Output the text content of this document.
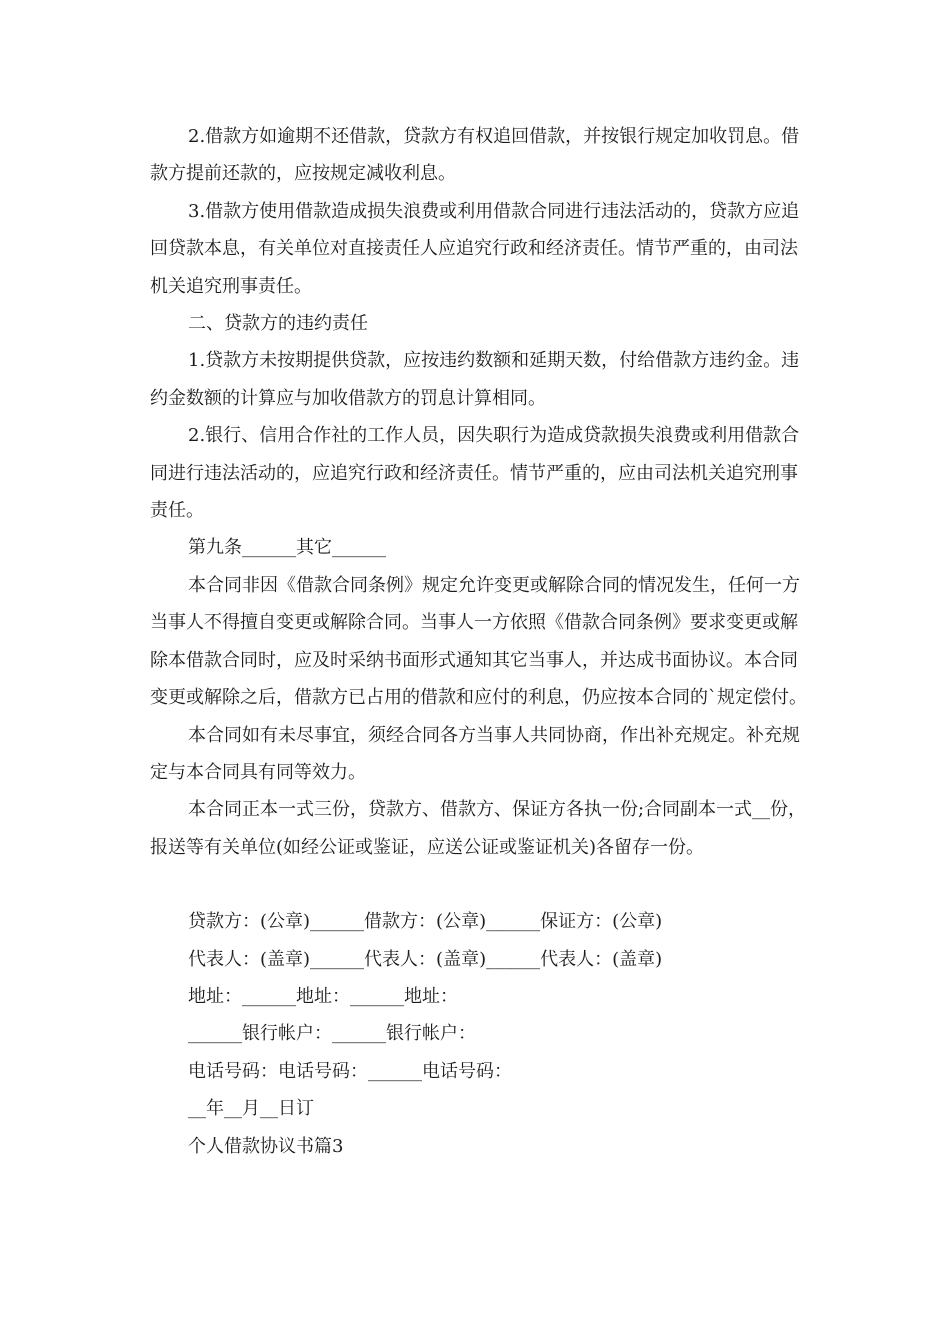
2.借款方如逾期不还借款，贷款方有权追回借款，并按银行规定加收罚息。借款方提前还款的，应按规定减收利息。

3.借款方使用借款造成损失浪费或利用借款合同进行违法活动的，贷款方应追回贷款本息，有关单位对直接责任人应追究行政和经济责任。情节严重的，由司法机关追究刑事责任。

二、贷款方的违约责任

1.贷款方未按期提供贷款，应按违约数额和延期天数，付给借款方违约金。违约金数额的计算应与加收借款方的罚息计算相同。

2.银行、信用合作社的工作人员，因失职行为造成贷款损失浪费或利用借款合同进行违法活动的，应追究行政和经济责任。情节严重的，应由司法机关追究刑事责任。

第九条______其它______

本合同非因《借款合同条例》规定允许变更或解除合同的情况发生，任何一方当事人不得擅自变更或解除合同。当事人一方依照《借款合同条例》要求变更或解除本借款合同时，应及时采纳书面形式通知其它当事人，并达成书面协议。本合同变更或解除之后，借款方已占用的借款和应付的利息，仍应按本合同的`规定偿付。

本合同如有未尽事宜，须经合同各方当事人共同协商，作出补充规定。补充规定与本合同具有同等效力。

本合同正本一式三份，贷款方、借款方、保证方各执一份;合同副本一式__份，报送等有关单位(如经公证或鉴证，应送公证或鉴证机关)各留存一份。

贷款方：(公章)______借款方：(公章)______保证方：(公章)

代表人：(盖章)______代表人：(盖章)______代表人：(盖章)

地址：______地址：______地址：

______银行帐户：______银行帐户：

电话号码：电话号码：______电话号码：

__年__月__日订

个人借款协议书篇3
